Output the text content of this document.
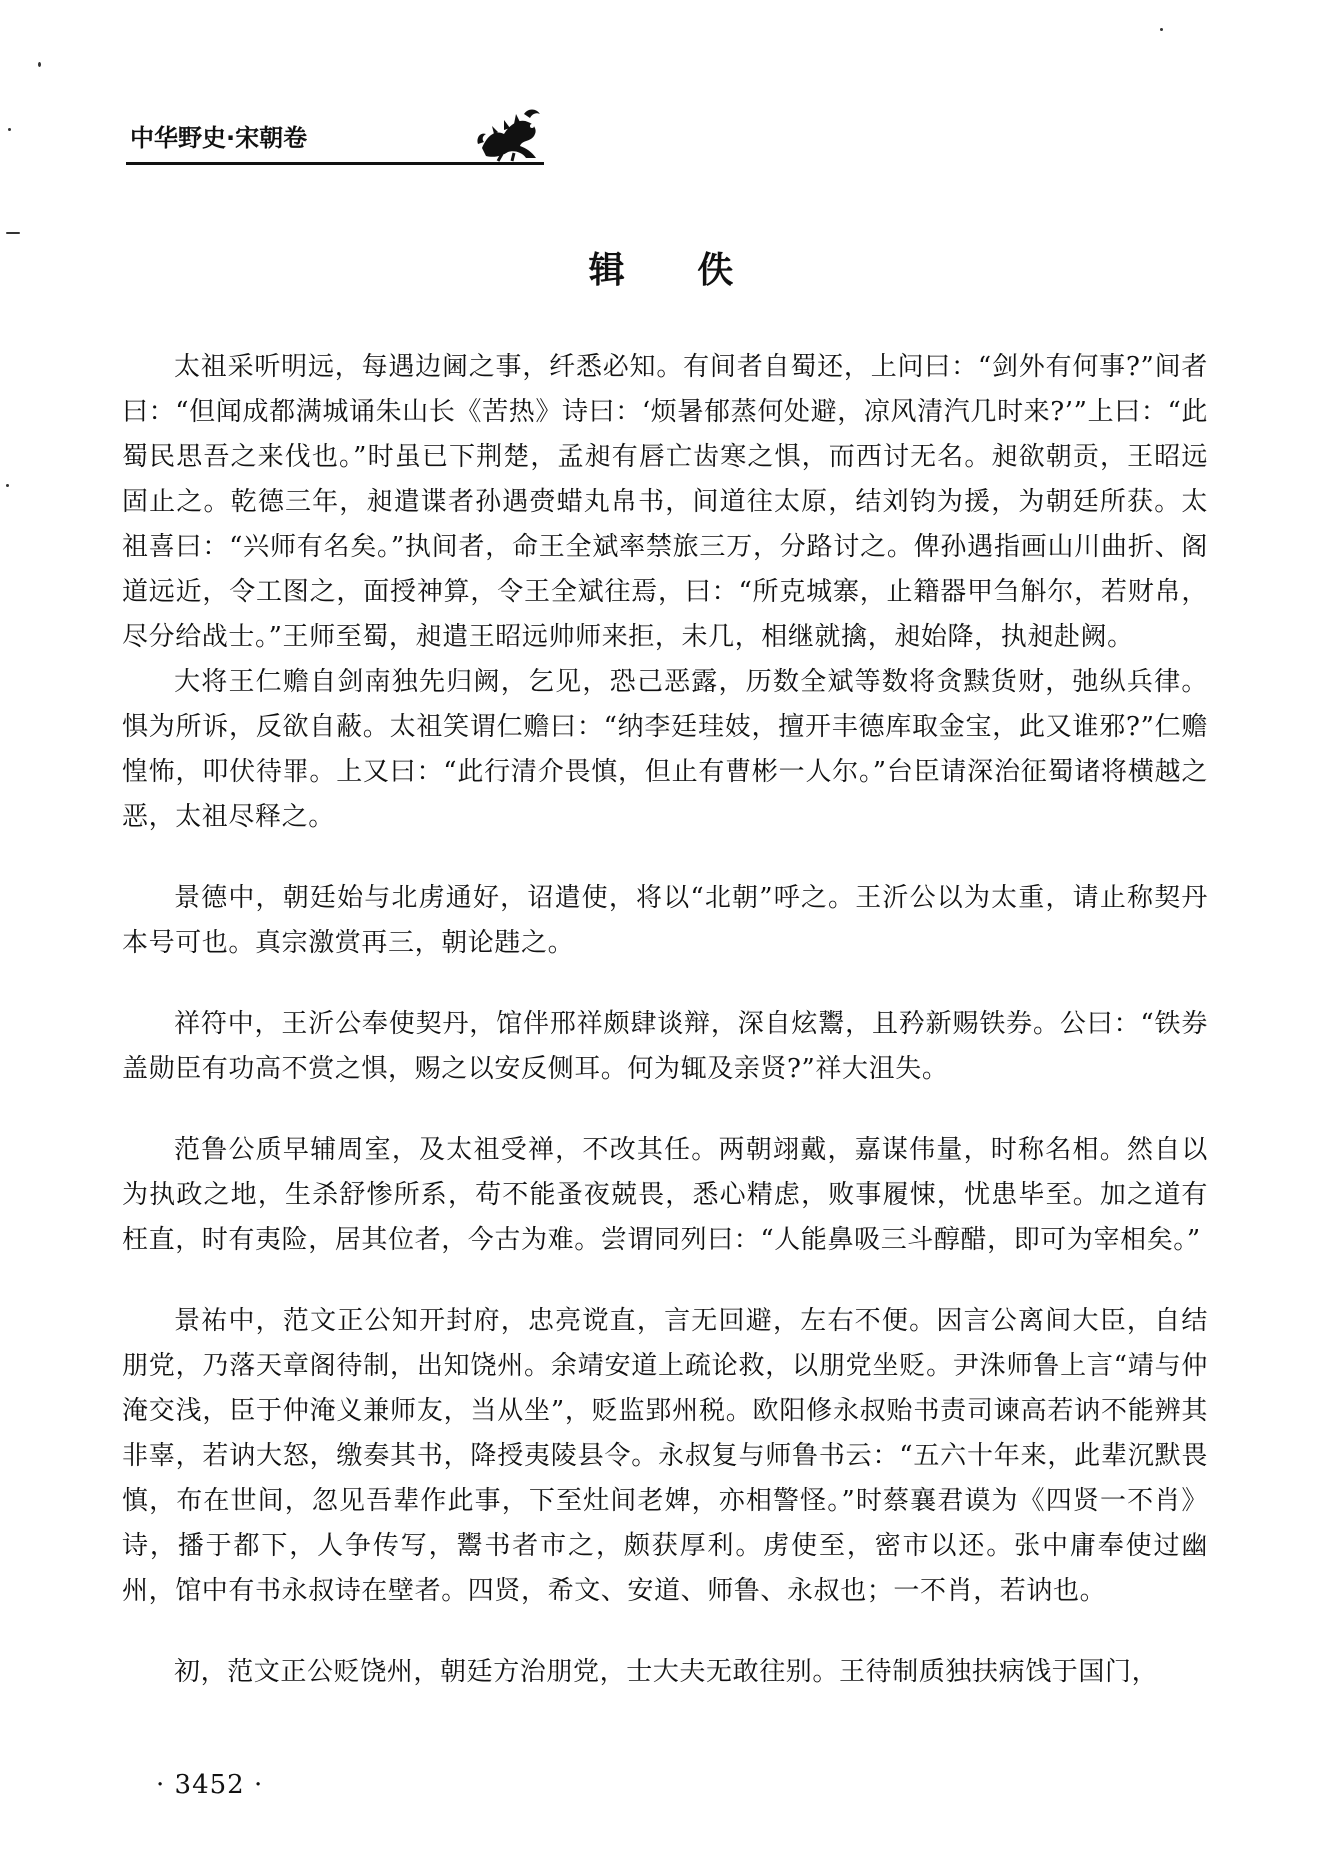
中华野史·宋朝卷
辑 佚

太祖采听明远，每遇边阃之事，纤悉必知。有间者自蜀还，上问曰：“剑外有何事?”间者曰：“但闻成都满城诵朱山长《苦热》诗曰：‘烦暑郁蒸何处避，凉风清汽几时来?’”上曰：“此蜀民思吾之来伐也。”时虽已下荆楚，孟昶有唇亡齿寒之惧，而西讨无名。昶欲朝贡，王昭远固止之。乾德三年，昶遣谍者孙遇赍蜡丸帛书，间道往太原，结刘钧为援，为朝廷所获。太祖喜曰：“兴师有名矣。”执间者，命王全斌率禁旅三万，分路讨之。俾孙遇指画山川曲折、阁道远近，令工图之，面授神算，令王全斌往焉，曰：“所克城寨，止籍器甲刍斛尔，若财帛，尽分给战士。”王师至蜀，昶遣王昭远帅师来拒，未几，相继就擒，昶始降，执昶赴阙。

大将王仁赡自剑南独先归阙，乞见，恐己恶露，历数全斌等数将贪黩货财，弛纵兵律。惧为所诉，反欲自蔽。太祖笑谓仁赡曰：“纳李廷珪妓，擅开丰德库取金宝，此又谁邪?”仁赡惶怖，叩伏待罪。上又曰：“此行清介畏慎，但止有曹彬一人尔。”台臣请深治征蜀诸将横越之恶，太祖尽释之。

景德中，朝廷始与北虏通好，诏遣使，将以“北朝”呼之。王沂公以为太重，请止称契丹本号可也。真宗激赏再三，朝论韪之。

祥符中，王沂公奉使契丹，馆伴邢祥颇肆谈辩，深自炫鬻，且矜新赐铁券。公曰：“铁券盖勋臣有功高不赏之惧，赐之以安反侧耳。何为辄及亲贤?”祥大沮失。

范鲁公质早辅周室，及太祖受禅，不改其任。两朝翊戴，嘉谋伟量，时称名相。然自以为执政之地，生杀舒惨所系，苟不能蚤夜兢畏，悉心精虑，败事履悚，忧患毕至。加之道有枉直，时有夷险，居其位者，今古为难。尝谓同列曰：“人能鼻吸三斗醇醋，即可为宰相矣。”

景祐中，范文正公知开封府，忠亮谠直，言无回避，左右不便。因言公离间大臣，自结朋党，乃落天章阁待制，出知饶州。余靖安道上疏论救，以朋党坐贬。尹洙师鲁上言“靖与仲淹交浅，臣于仲淹义兼师友，当从坐”，贬监郢州税。欧阳修永叔贻书责司谏高若讷不能辨其非辜，若讷大怒，缴奏其书，降授夷陵县令。永叔复与师鲁书云：“五六十年来，此辈沉默畏慎，布在世间，忽见吾辈作此事，下至灶间老婢，亦相警怪。”时蔡襄君谟为《四贤一不肖》诗，播于都下，人争传写，鬻书者市之，颇获厚利。虏使至，密市以还。张中庸奉使过幽州，馆中有书永叔诗在壁者。四贤，希文、安道、师鲁、永叔也；一不肖，若讷也。

初，范文正公贬饶州，朝廷方治朋党，士大夫无敢往别。王待制质独扶病饯于国门，

· 3452 ·
